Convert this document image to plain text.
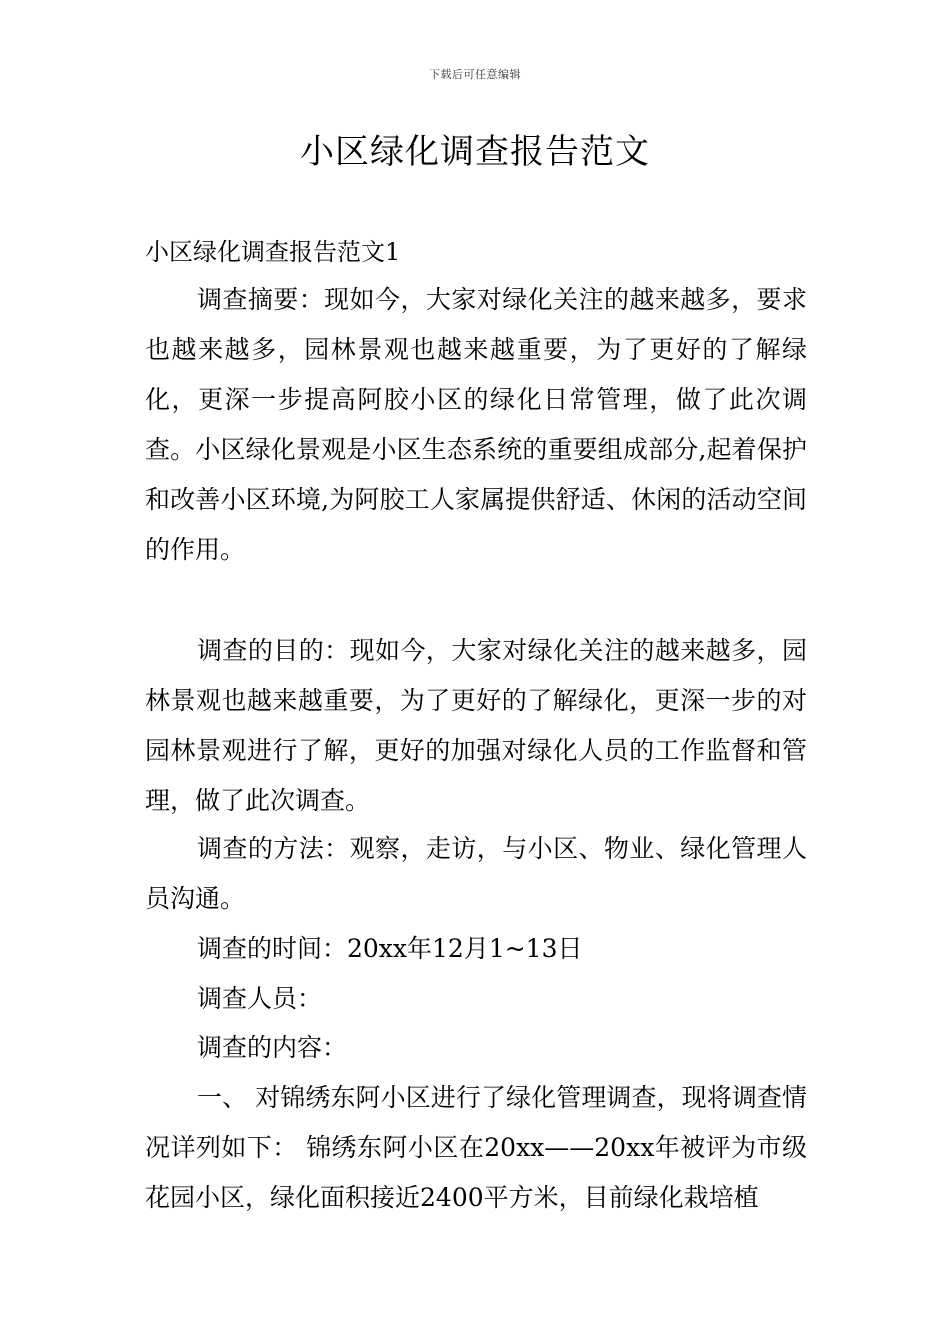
下载后可任意编辑
小区绿化调查报告范文

小区绿化调查报告范文1

调查摘要：现如今，大家对绿化关注的越来越多，要求也越来越多，园林景观也越来越重要，为了更好的了解绿化，更深一步提高阿胶小区的绿化日常管理，做了此次调查。小区绿化景观是小区生态系统的重要组成部分,起着保护和改善小区环境,为阿胶工人家属提供舒适、休闲的活动空间的作用。

调查的目的：现如今，大家对绿化关注的越来越多，园林景观也越来越重要，为了更好的了解绿化，更深一步的对园林景观进行了解，更好的加强对绿化人员的工作监督和管理，做了此次调查。

调查的方法：观察，走访，与小区、物业、绿化管理人员沟通。

调查的时间：20xx年12月1~13日

调查人员：

调查的内容：

一、 对锦绣东阿小区进行了绿化管理调查，现将调查情况详列如下： 锦绣东阿小区在20xx——20xx年被评为市级花园小区，绿化面积接近2400平方米，目前绿化栽培植
